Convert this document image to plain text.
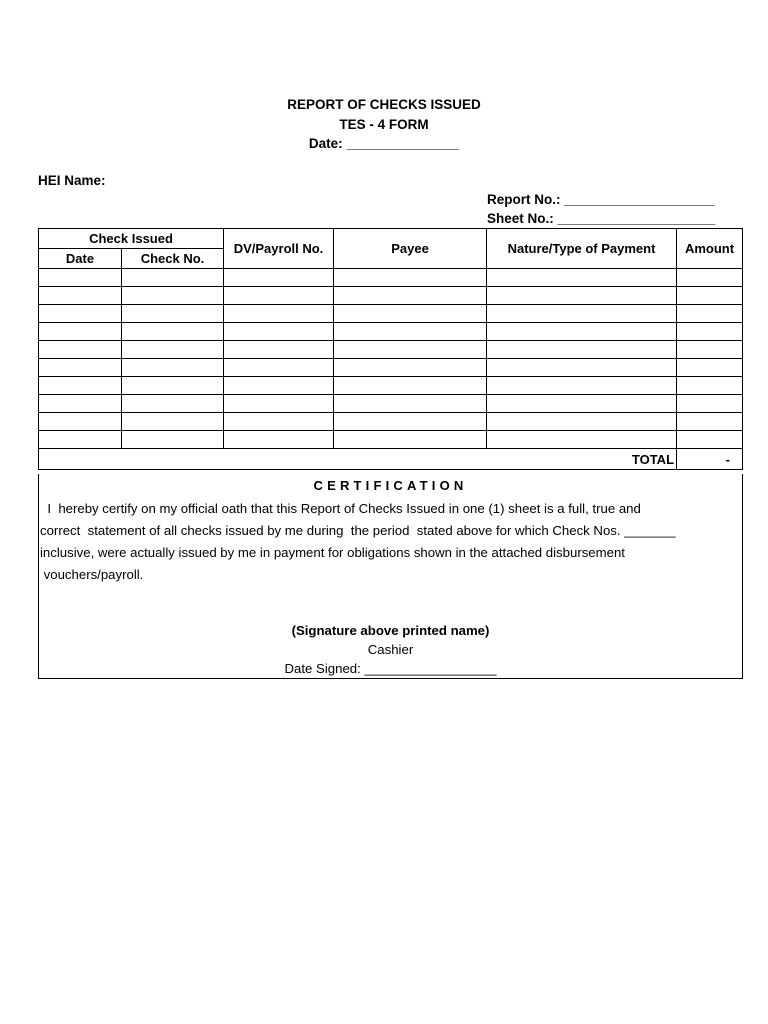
REPORT OF CHECKS ISSUED
TES - 4 FORM
Date: _______________
HEI Name:
Report No.: ____________________
Sheet No.: _____________________
Check Issued		DV/Payroll No.	Payee	Nature/Type of Payment	Amount
Date	Check No.				

TOTAL					-
CERTIFICATION
I  hereby certify on my official oath that this Report of Checks Issued in one (1) sheet is a full, true and
correct  statement of all checks issued by me during  the period  stated above for which Check Nos. _______
inclusive, were actually issued by me in payment for obligations shown in the attached disbursement
vouchers/payroll.
(Signature above printed name)
Cashier
Date Signed: __________________
